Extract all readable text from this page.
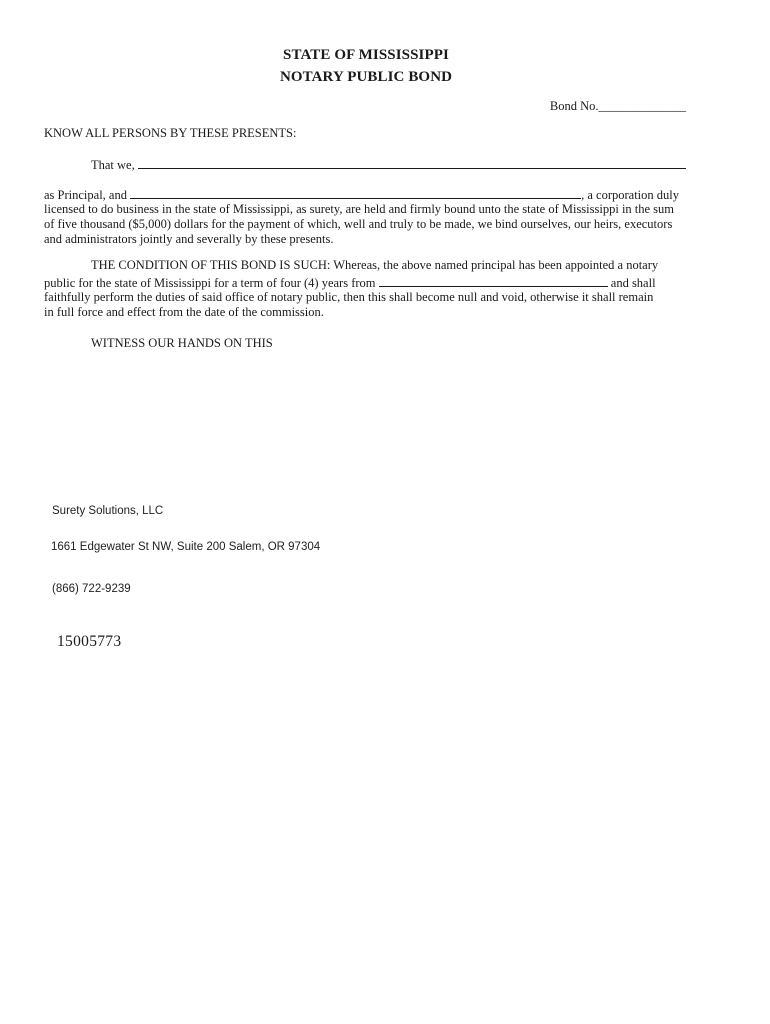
STATE OF MISSISSIPPI
NOTARY PUBLIC BOND
Bond No.______________
KNOW ALL PERSONS BY THESE PRESENTS:
That we,
as Principal, and	, a corporation duly
licensed to do business in the state of Mississippi, as surety, are held and firmly bound unto the state of Mississippi in the sum
of five thousand ($5,000) dollars for the payment of which, well and truly to be made, we bind ourselves, our heirs, executors
and administrators jointly and severally by these presents.
THE CONDITION OF THIS BOND IS SUCH: Whereas, the above named principal has been appointed a notary
public for the state of Mississippi for a term of four (4) years from	and shall
faithfully perform the duties of said office of notary public, then this shall become null and void, otherwise it shall remain
in full force and effect from the date of the commission.
WITNESS OUR HANDS ON THIS
Surety Solutions, LLC
1661 Edgewater St NW, Suite 200 Salem, OR 97304
(866) 722-9239
15005773
